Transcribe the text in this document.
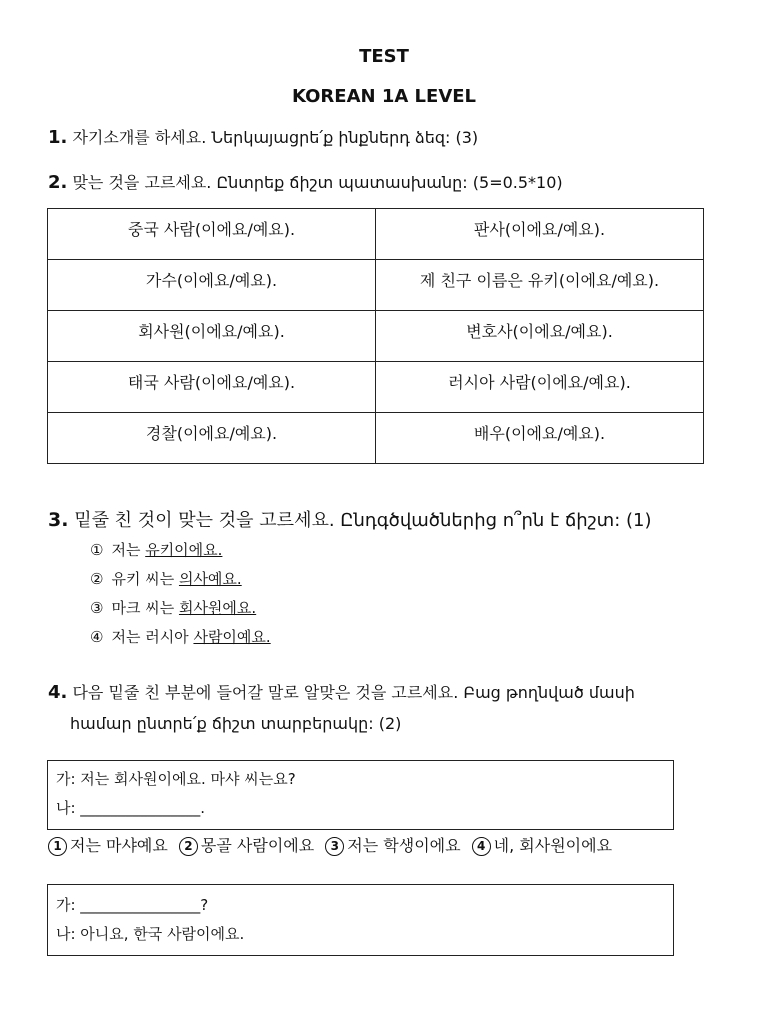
TEST
KOREAN 1A LEVEL
1. 자기소개를 하세요. Ներկայացրե՛ք ինքներդ ձեզ: (3)
2. 맞는 것을 고르세요. Ընտրեք ճիշտ պատասխանը: (5=0.5*10)
중국 사람(이에요/예요).	판사(이에요/예요).
가수(이에요/예요).	제 친구 이름은 유키(이에요/예요).
회사원(이에요/예요).	변호사(이에요/예요).
태국 사람(이에요/예요).	러시아 사람(이에요/예요).
경찰(이에요/예요).	배우(이에요/예요).
3. 밑줄 친 것이 맞는 것을 고르세요. Ընդգծվածներից ո՞րն է ճիշտ: (1)
① 저는 유키이에요.
② 유키 씨는 의사예요.
③ 마크 씨는 회사원에요.
④ 저는 러시아 사람이예요.
4. 다음 밑줄 친 부분에 들어갈 말로 알맞은 것을 고르세요. Բաց թողնված մասի
համար ընտրե՛ք ճիշտ տարբերակը: (2)
가: 저는 회사원이에요. 마샤 씨는요?
나: ________________.
1 저는 마샤예요 2 몽골 사람이에요 3 저는 학생이에요 4 네, 회사원이에요
가: ________________?
나: 아니요, 한국 사람이에요.
